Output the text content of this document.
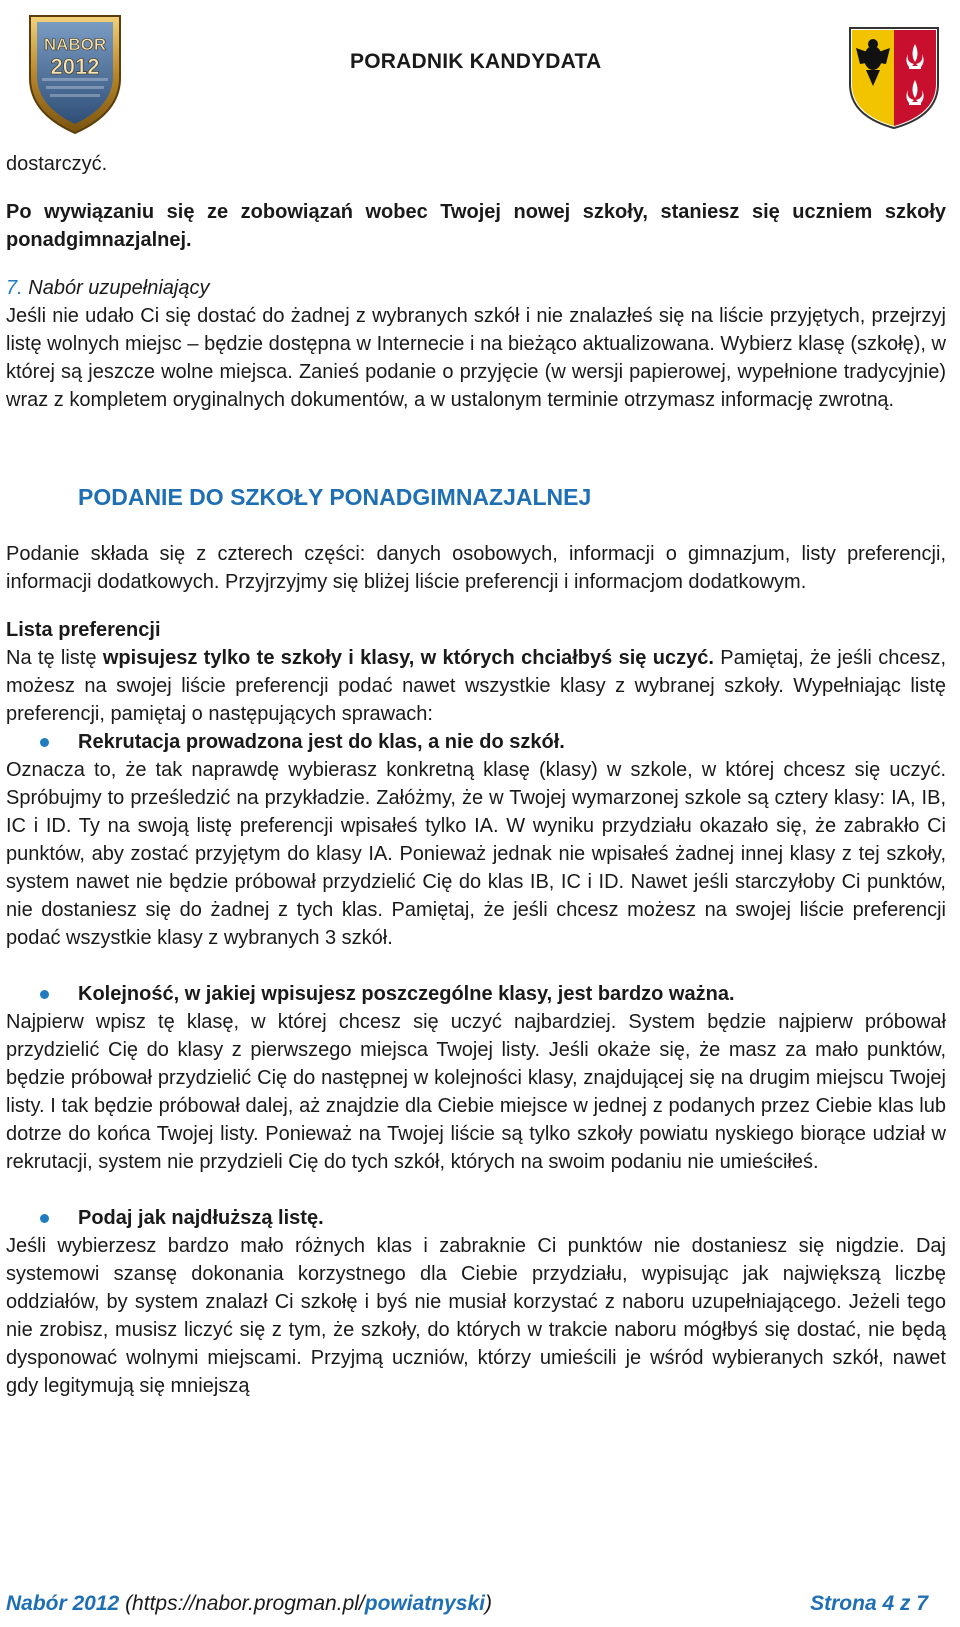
NABOR
2012	PORADNIK KANDYDATA

dostarczyć.

Po wywiązaniu się ze zobowiązań wobec Twojej nowej szkoły, staniesz się uczniem szkoły ponadgimnazjalnej.

7. Nabór uzupełniający

Jeśli nie udało Ci się dostać do żadnej z wybranych szkół i nie znalazłeś się na liście przyjętych, przejrzyj listę wolnych miejsc – będzie dostępna w Internecie i na bieżąco aktualizowana. Wybierz klasę (szkołę), w której są jeszcze wolne miejsca. Zanieś podanie o przyjęcie (w wersji papierowej, wypełnione tradycyjnie) wraz z kompletem oryginalnych dokumentów, a w ustalonym terminie otrzymasz informację zwrotną.

PODANIE DO SZKOŁY PONADGIMNAZJALNEJ

Podanie składa się z czterech części: danych osobowych, informacji o gimnazjum, listy preferencji, informacji dodatkowych. Przyjrzyjmy się bliżej liście preferencji i informacjom dodatkowym.

Lista preferencji

Na tę listę wpisujesz tylko te szkoły i klasy, w których chciałbyś się uczyć. Pamiętaj, że jeśli chcesz, możesz na swojej liście preferencji podać nawet wszystkie klasy z wybranej szkoły. Wypełniając listę preferencji, pamiętaj o następujących sprawach:

Rekrutacja prowadzona jest do klas, a nie do szkół.

Oznacza to, że tak naprawdę wybierasz konkretną klasę (klasy) w szkole, w której chcesz się uczyć. Spróbujmy to prześledzić na przykładzie. Załóżmy, że w Twojej wymarzonej szkole są cztery klasy: IA, IB, IC i ID. Ty na swoją listę preferencji wpisałeś tylko IA. W wyniku przydziału okazało się, że zabrakło Ci punktów, aby zostać przyjętym do klasy IA. Ponieważ jednak nie wpisałeś żadnej innej klasy z tej szkoły, system nawet nie będzie próbował przydzielić Cię do klas IB, IC i ID. Nawet jeśli starczyłoby Ci punktów, nie dostaniesz się do żadnej z tych klas. Pamiętaj, że jeśli chcesz możesz na swojej liście preferencji podać wszystkie klasy z wybranych 3 szkół.

Kolejność, w jakiej wpisujesz poszczególne klasy, jest bardzo ważna.

Najpierw wpisz tę klasę, w której chcesz się uczyć najbardziej. System będzie najpierw próbował przydzielić Cię do klasy z pierwszego miejsca Twojej listy. Jeśli okaże się, że masz za mało punktów, będzie próbował przydzielić Cię do następnej w kolejności klasy, znajdującej się na drugim miejscu Twojej listy. I tak będzie próbował dalej, aż znajdzie dla Ciebie miejsce w jednej z podanych przez Ciebie klas lub dotrze do końca Twojej listy. Ponieważ na Twojej liście są tylko szkoły powiatu nyskiego biorące udział w rekrutacji, system nie przydzieli Cię do tych szkół, których na swoim podaniu nie umieściłeś.

Podaj jak najdłuższą listę.

Jeśli wybierzesz bardzo mało różnych klas i zabraknie Ci punktów nie dostaniesz się nigdzie. Daj systemowi szansę dokonania korzystnego dla Ciebie przydziału, wypisując jak największą liczbę oddziałów, by system znalazł Ci szkołę i byś nie musiał korzystać z naboru uzupełniającego. Jeżeli tego nie zrobisz, musisz liczyć się z tym, że szkoły, do których w trakcie naboru mógłbyś się dostać, nie będą dysponować wolnymi miejscami. Przyjmą uczniów, którzy umieścili je wśród wybieranych szkół, nawet gdy legitymują się mniejszą

Nabór 2012 (https://nabor.progman.pl/powiatnyski)	Strona 4 z 7
